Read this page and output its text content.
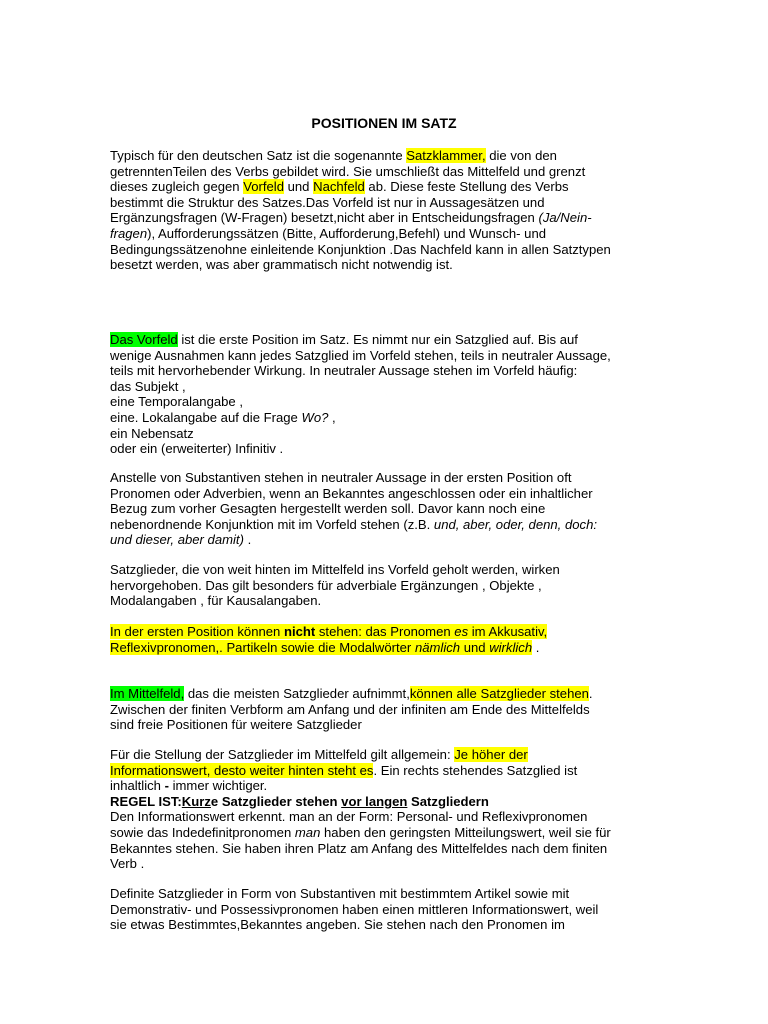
POSITIONEN IM SATZ
Typisch für den deutschen Satz ist die sogenannte Satzklammer, die von den
getrenntenTeilen des Verbs gebildet wird. Sie umschließt das Mittelfeld und grenzt
dieses zugleich gegen Vorfeld und Nachfeld ab. Diese feste Stellung des Verbs
bestimmt die Struktur des Satzes.Das Vorfeld ist nur in Aussagesätzen und
Ergänzungsfragen (W-Fragen) besetzt,nicht aber in Entscheidungsfragen (Ja/Nein-
fragen), Aufforderungssätzen (Bitte, Aufforderung,Befehl) und Wunsch- und
Bedingungssätzenohne einleitende Konjunktion .Das Nachfeld kann in allen Satztypen
besetzt werden, was aber grammatisch nicht notwendig ist.
Das Vorfeld ist die erste Position im Satz. Es nimmt nur ein Satzglied auf. Bis auf
wenige Ausnahmen kann jedes Satzglied im Vorfeld stehen, teils in neutraler Aussage,
teils mit hervorhebender Wirkung. In neutraler Aussage stehen im Vorfeld häufig:
das Subjekt ,
eine Temporalangabe ,
eine. Lokalangabe auf die Frage Wo? ,
ein Nebensatz
oder ein (erweiterter) Infinitiv .
Anstelle von Substantiven stehen in neutraler Aussage in der ersten Position oft
Pronomen oder Adverbien, wenn an Bekanntes angeschlossen oder ein inhaltlicher
Bezug zum vorher Gesagten hergestellt werden soll. Davor kann noch eine
nebenordnende Konjunktion mit im Vorfeld stehen (z.B. und, aber, oder, denn, doch:
und dieser, aber damit) .
Satzglieder, die von weit hinten im Mittelfeld ins Vorfeld geholt werden, wirken
hervorgehoben. Das gilt besonders für adverbiale Ergänzungen , Objekte ,
Modalangaben , für Kausalangaben.
In der ersten Position können nicht stehen: das Pronomen es im Akkusativ,
Reflexivpronomen,. Partikeln sowie die Modalwörter nämlich und wirklich .
Im Mittelfeld, das die meisten Satzglieder aufnimmt,können alle Satzglieder stehen.
Zwischen der finiten Verbform am Anfang und der infiniten am Ende des Mittelfelds
sind freie Positionen für weitere Satzglieder
Für die Stellung der Satzglieder im Mittelfeld gilt allgemein: Je höher der
Informationswert, desto weiter hinten steht es. Ein rechts stehendes Satzglied ist
inhaltlich - immer wichtiger.
REGEL IST:Kurze Satzglieder stehen vor langen Satzgliedern
Den Informationswert erkennt. man an der Form: Personal- und Reflexivpronomen
sowie das Indedefinitpronomen man haben den geringsten Mitteilungswert, weil sie für
Bekanntes stehen. Sie haben ihren Platz am Anfang des Mittelfeldes nach dem finiten
Verb .
Definite Satzglieder in Form von Substantiven mit bestimmtem Artikel sowie mit
Demonstrativ- und Possessivpronomen haben einen mittleren Informationswert, weil
sie etwas Bestimmtes,Bekanntes angeben. Sie stehen nach den Pronomen im
